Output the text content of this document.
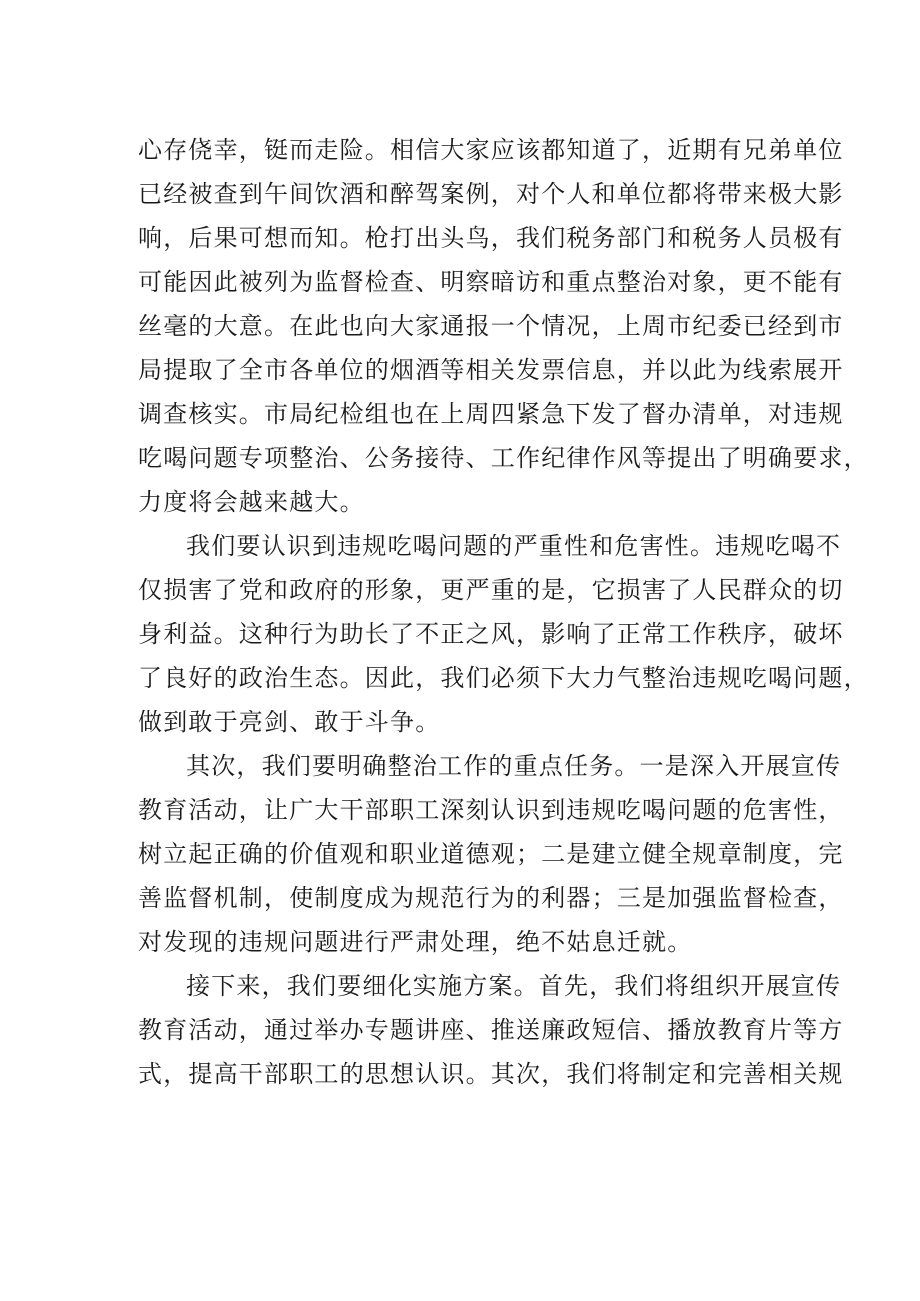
心存侥幸，铤而走险。相信大家应该都知道了，近期有兄弟单位
已经被查到午间饮酒和醉驾案例，对个人和单位都将带来极大影
响，后果可想而知。枪打出头鸟，我们税务部门和税务人员极有
可能因此被列为监督检查、明察暗访和重点整治对象，更不能有
丝毫的大意。在此也向大家通报一个情况，上周市纪委已经到市
局提取了全市各单位的烟酒等相关发票信息，并以此为线索展开
调查核实。市局纪检组也在上周四紧急下发了督办清单，对违规
吃喝问题专项整治、公务接待、工作纪律作风等提出了明确要求，
力度将会越来越大。
我们要认识到违规吃喝问题的严重性和危害性。违规吃喝不
仅损害了党和政府的形象，更严重的是，它损害了人民群众的切
身利益。这种行为助长了不正之风，影响了正常工作秩序，破坏
了良好的政治生态。因此，我们必须下大力气整治违规吃喝问题，
做到敢于亮剑、敢于斗争。
其次，我们要明确整治工作的重点任务。一是深入开展宣传
教育活动，让广大干部职工深刻认识到违规吃喝问题的危害性，
树立起正确的价值观和职业道德观；二是建立健全规章制度，完
善监督机制，使制度成为规范行为的利器；三是加强监督检查，
对发现的违规问题进行严肃处理，绝不姑息迁就。
接下来，我们要细化实施方案。首先，我们将组织开展宣传
教育活动，通过举办专题讲座、推送廉政短信、播放教育片等方
式，提高干部职工的思想认识。其次，我们将制定和完善相关规
